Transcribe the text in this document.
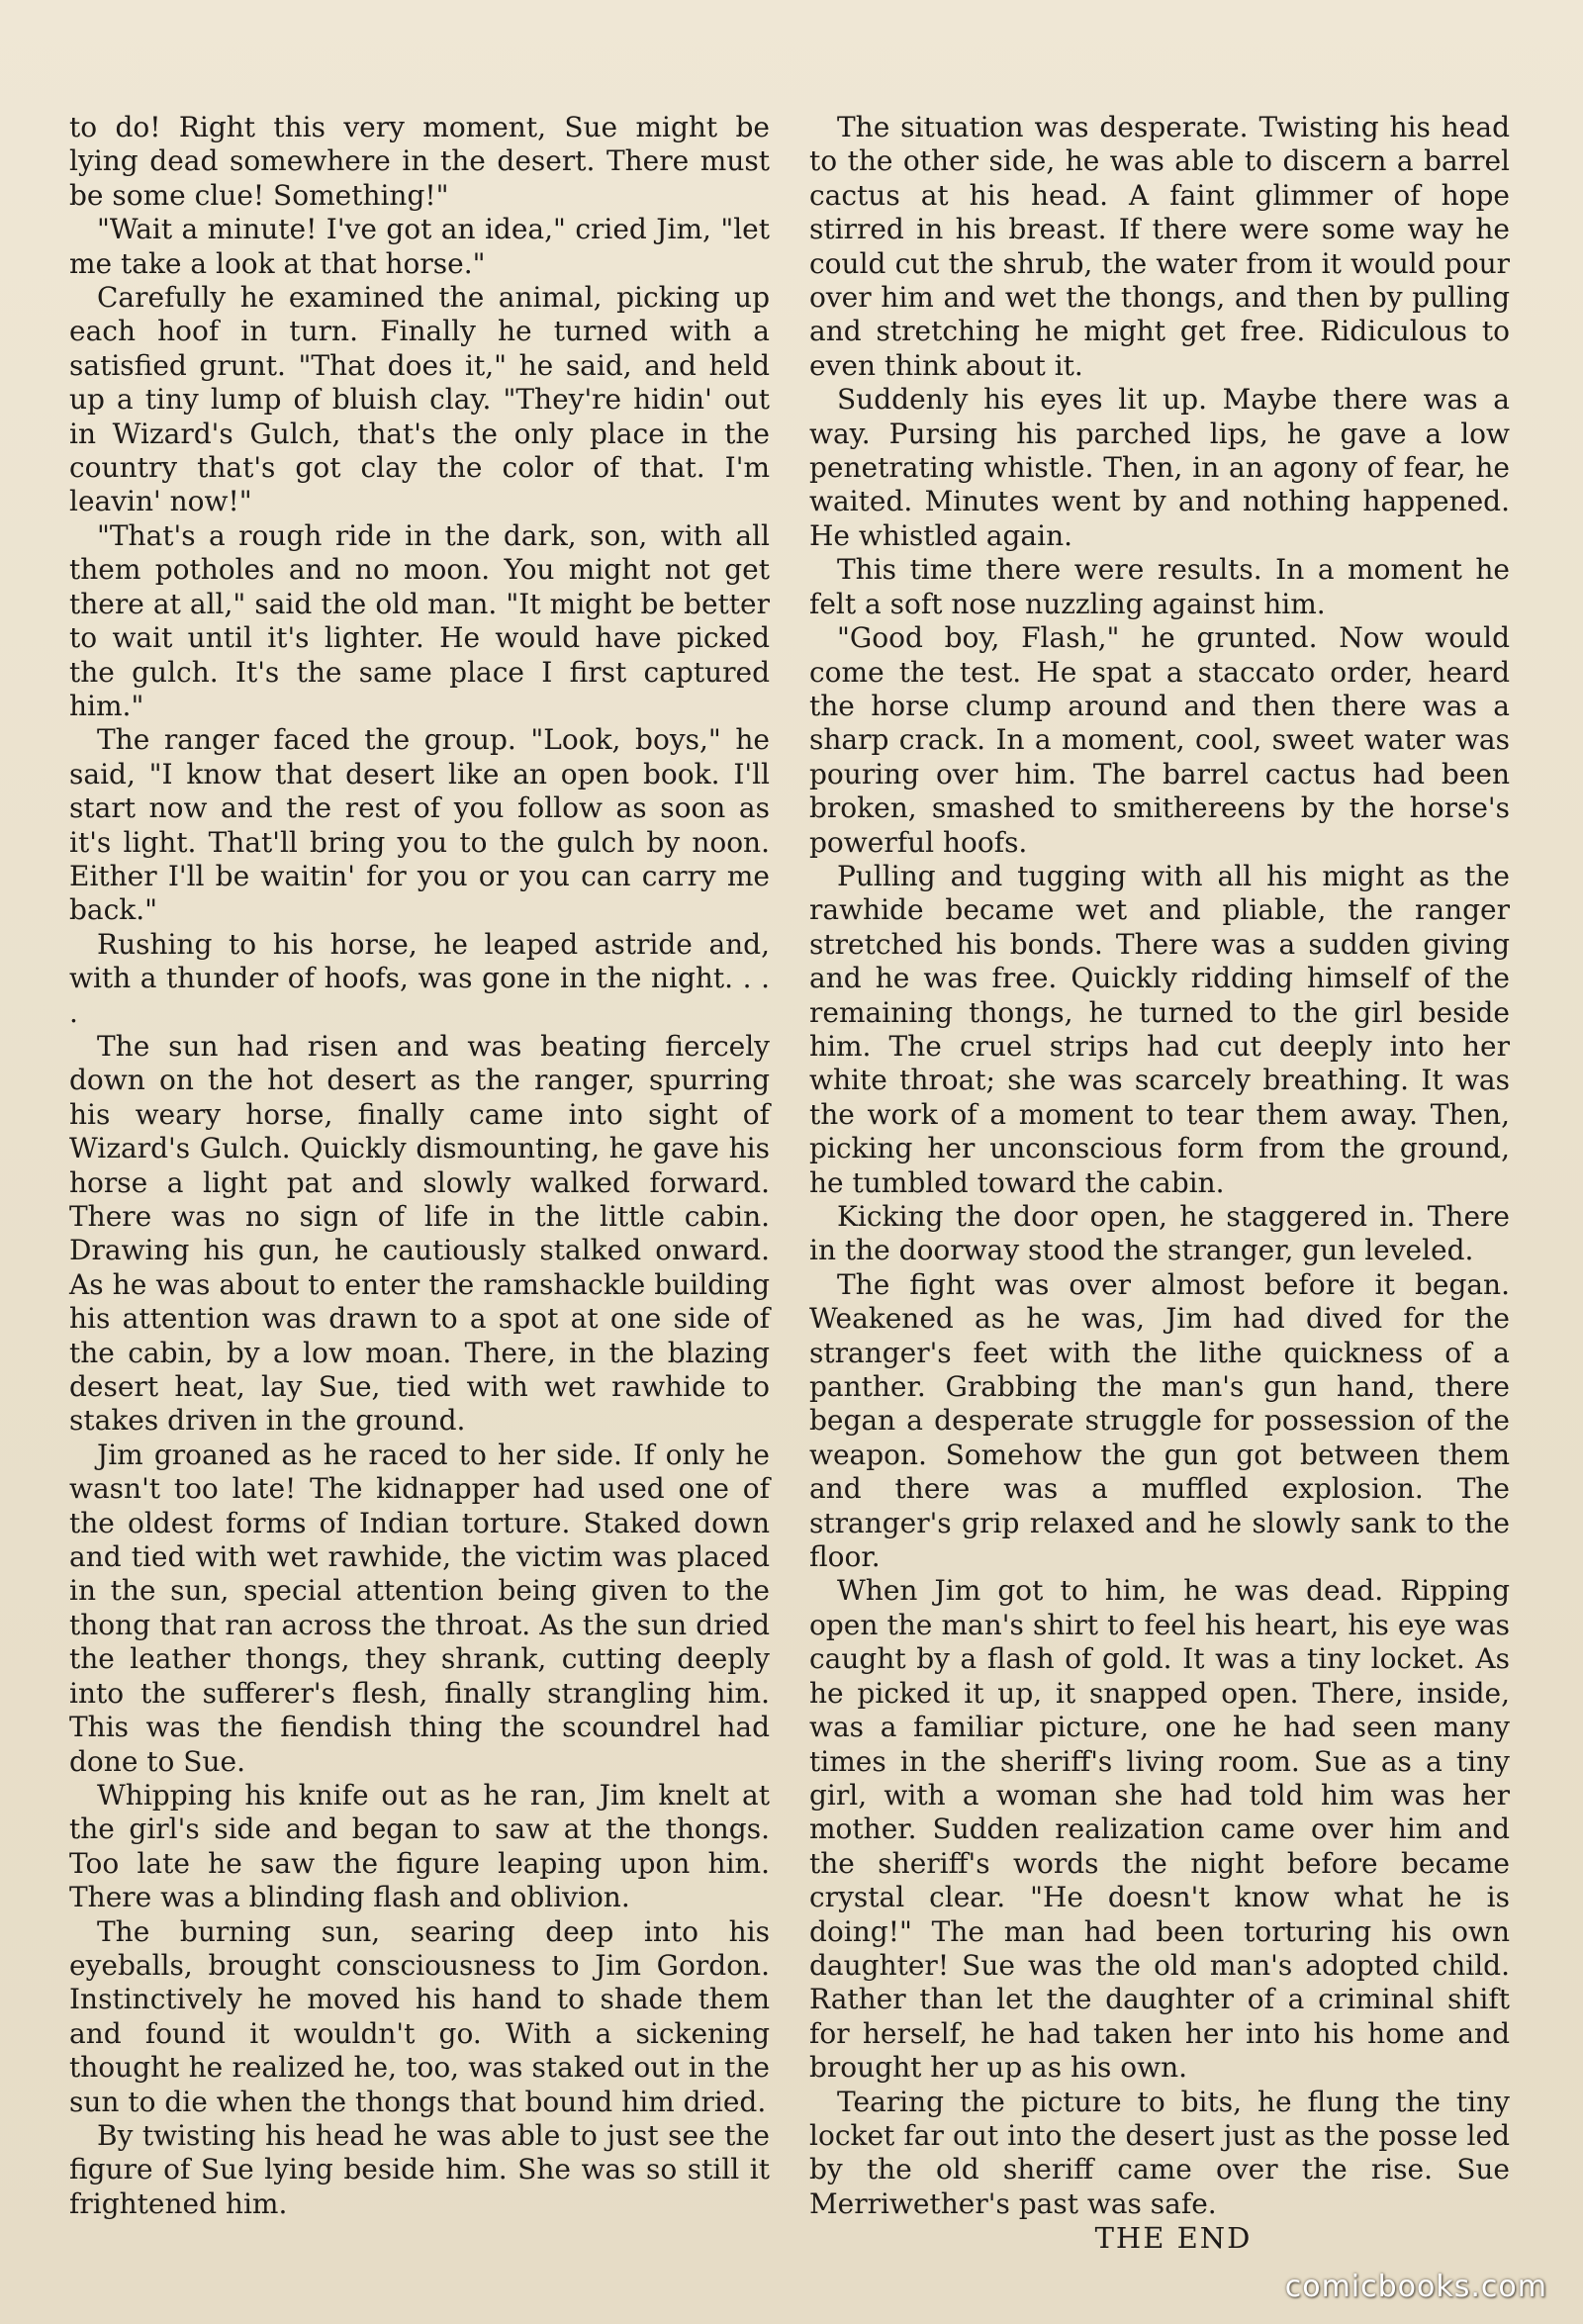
to do! Right this very moment, Sue might be lying dead somewhere in the desert. There must be some clue! Something!"

"Wait a minute! I've got an idea," cried Jim, "let me take a look at that horse."

Carefully he examined the animal, picking up each hoof in turn. Finally he turned with a satisfied grunt. "That does it," he said, and held up a tiny lump of bluish clay. "They're hidin' out in Wizard's Gulch, that's the only place in the country that's got clay the color of that. I'm leavin' now!"

"That's a rough ride in the dark, son, with all them potholes and no moon. You might not get there at all," said the old man. "It might be better to wait until it's lighter. He would have picked the gulch. It's the same place I first captured him."

The ranger faced the group. "Look, boys," he said, "I know that desert like an open book. I'll start now and the rest of you follow as soon as it's light. That'll bring you to the gulch by noon. Either I'll be waitin' for you or you can carry me back."

Rushing to his horse, he leaped astride and, with a thunder of hoofs, was gone in the night. . . .

The sun had risen and was beating fiercely down on the hot desert as the ranger, spurring his weary horse, finally came into sight of Wizard's Gulch. Quickly dismounting, he gave his horse a light pat and slowly walked forward. There was no sign of life in the little cabin. Drawing his gun, he cautiously stalked onward. As he was about to enter the ramshackle building his attention was drawn to a spot at one side of the cabin, by a low moan. There, in the blazing desert heat, lay Sue, tied with wet rawhide to stakes driven in the ground.

Jim groaned as he raced to her side. If only he wasn't too late! The kidnapper had used one of the oldest forms of Indian torture. Staked down and tied with wet rawhide, the victim was placed in the sun, special attention being given to the thong that ran across the throat. As the sun dried the leather thongs, they shrank, cutting deeply into the sufferer's flesh, finally strangling him. This was the fiendish thing the scoundrel had done to Sue.

Whipping his knife out as he ran, Jim knelt at the girl's side and began to saw at the thongs. Too late he saw the figure leaping upon him. There was a blinding flash and oblivion.

The burning sun, searing deep into his eyeballs, brought consciousness to Jim Gordon. Instinctively he moved his hand to shade them and found it wouldn't go. With a sickening thought he realized he, too, was staked out in the sun to die when the thongs that bound him dried.

By twisting his head he was able to just see the figure of Sue lying beside him. She was so still it frightened him.

The situation was desperate. Twisting his head to the other side, he was able to discern a barrel cactus at his head. A faint glimmer of hope stirred in his breast. If there were some way he could cut the shrub, the water from it would pour over him and wet the thongs, and then by pulling and stretching he might get free. Ridiculous to even think about it.

Suddenly his eyes lit up. Maybe there was a way. Pursing his parched lips, he gave a low penetrating whistle. Then, in an agony of fear, he waited. Minutes went by and nothing happened. He whistled again.

This time there were results. In a moment he felt a soft nose nuzzling against him.

"Good boy, Flash," he grunted. Now would come the test. He spat a staccato order, heard the horse clump around and then there was a sharp crack. In a moment, cool, sweet water was pouring over him. The barrel cactus had been broken, smashed to smithereens by the horse's powerful hoofs.

Pulling and tugging with all his might as the rawhide became wet and pliable, the ranger stretched his bonds. There was a sudden giving and he was free. Quickly ridding himself of the remaining thongs, he turned to the girl beside him. The cruel strips had cut deeply into her white throat; she was scarcely breathing. It was the work of a moment to tear them away. Then, picking her unconscious form from the ground, he tumbled toward the cabin.

Kicking the door open, he staggered in. There in the doorway stood the stranger, gun leveled.

The fight was over almost before it began. Weakened as he was, Jim had dived for the stranger's feet with the lithe quickness of a panther. Grabbing the man's gun hand, there began a desperate struggle for possession of the weapon. Somehow the gun got between them and there was a muffled explosion. The stranger's grip relaxed and he slowly sank to the floor.

When Jim got to him, he was dead. Ripping open the man's shirt to feel his heart, his eye was caught by a flash of gold. It was a tiny locket. As he picked it up, it snapped open. There, inside, was a familiar picture, one he had seen many times in the sheriff's living room. Sue as a tiny girl, with a woman she had told him was her mother. Sudden realization came over him and the sheriff's words the night before became crystal clear. "He doesn't know what he is doing!" The man had been torturing his own daughter! Sue was the old man's adopted child. Rather than let the daughter of a criminal shift for herself, he had taken her into his home and brought her up as his own.

Tearing the picture to bits, he flung the tiny locket far out into the desert just as the posse led by the old sheriff came over the rise. Sue Merriwether's past was safe.

THE END

comicbooks.com
